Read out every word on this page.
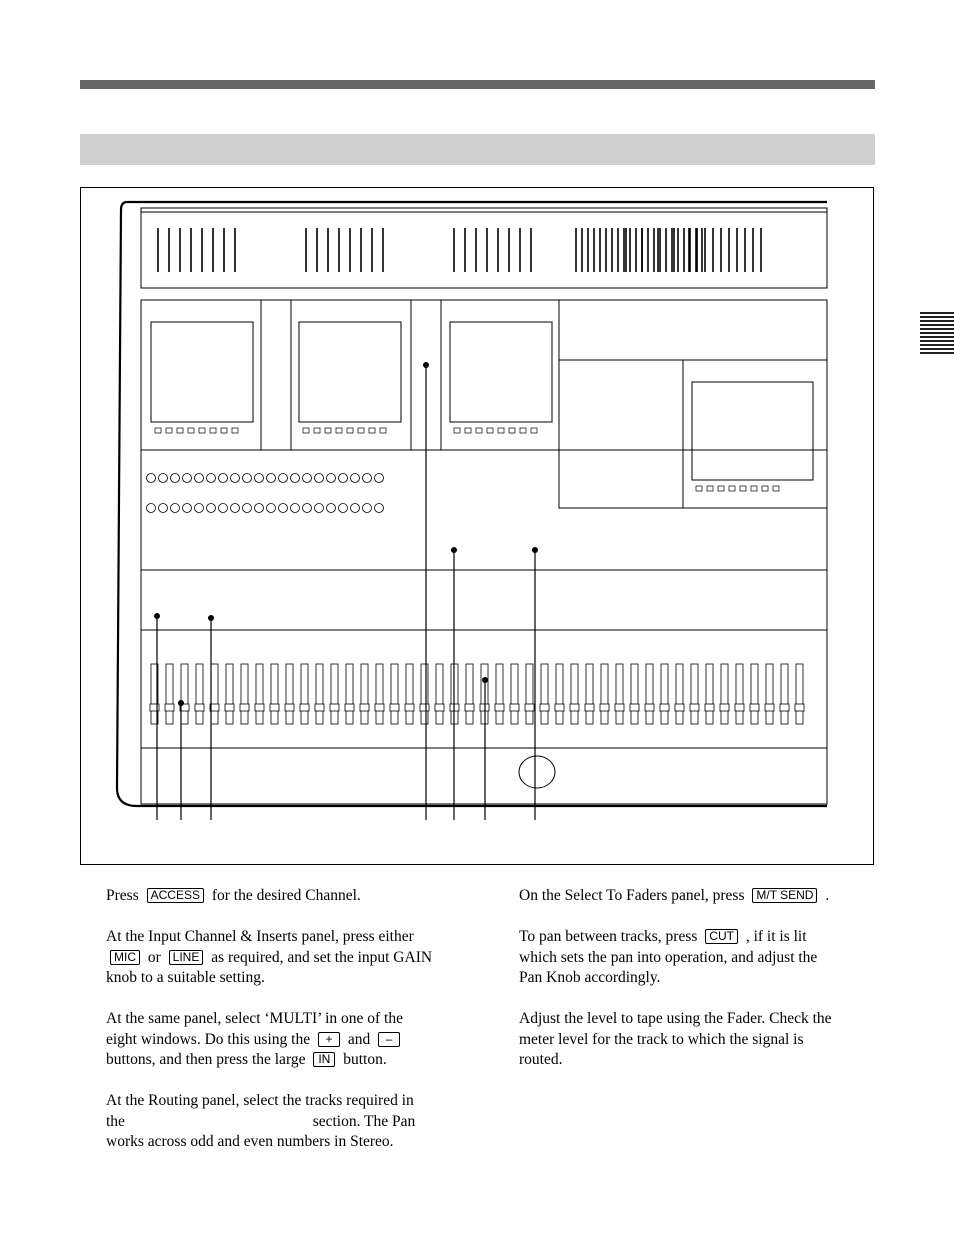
Press ACCESS for the desired Channel.

At the Input Channel & Inserts panel, press either
MIC or LINE as required, and set the input GAIN
knob to a suitable setting.

At the same panel, select ‘MULTI’ in one of the
eight windows. Do this using the + and –
buttons, and then press the large IN button.

At the Routing panel, select the tracks required in
the	section. The Pan
works across odd and even numbers in Stereo.

On the Select To Faders panel, press M/T SEND .

To pan between tracks, press CUT , if it is lit
which sets the pan into operation, and adjust the
Pan Knob accordingly.

Adjust the level to tape using the Fader. Check the
meter level for the track to which the signal is
routed.
